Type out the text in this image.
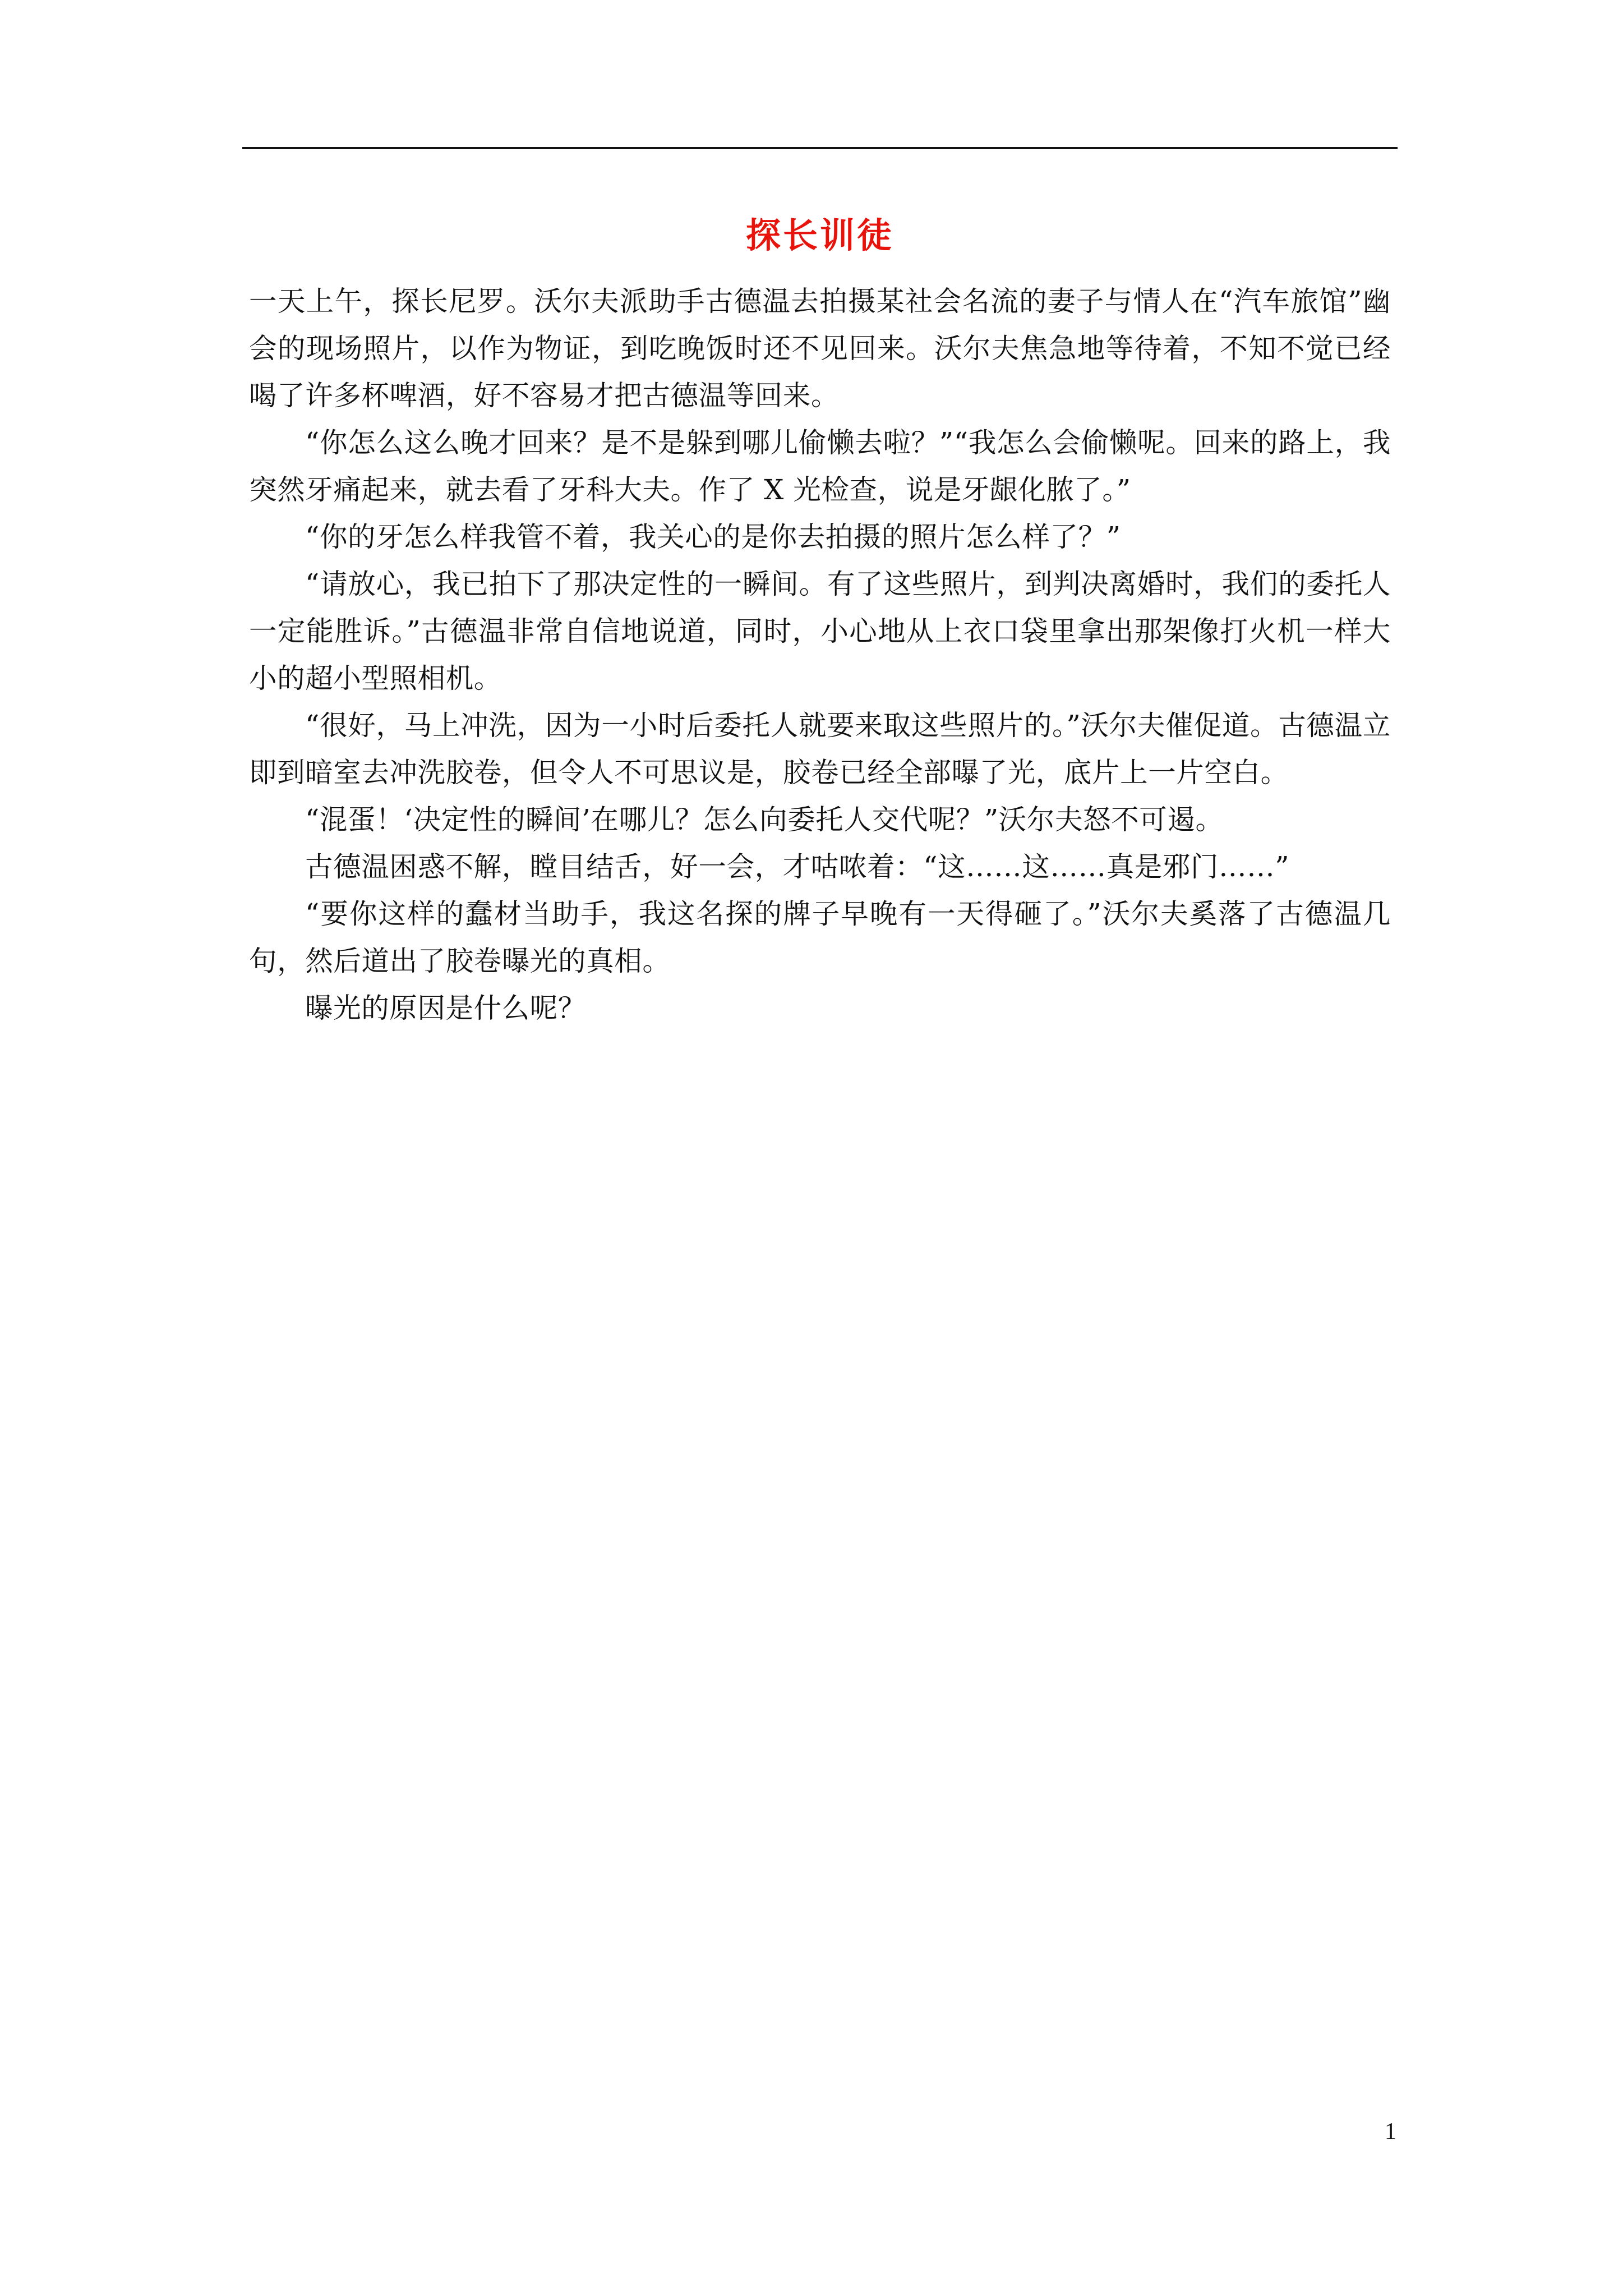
探长训徒

一天上午，探长尼罗。沃尔夫派助手古德温去拍摄某社会名流的妻子与情人在“汽车旅馆”幽会的现场照片，以作为物证，到吃晚饭时还不见回来。沃尔夫焦急地等待着，不知不觉已经喝了许多杯啤酒，好不容易才把古德温等回来。

“你怎么这么晚才回来？是不是躲到哪儿偷懒去啦？”“我怎么会偷懒呢。回来的路上，我突然牙痛起来，就去看了牙科大夫。作了 X 光检查，说是牙龈化脓了。”

“你的牙怎么样我管不着，我关心的是你去拍摄的照片怎么样了？”

“请放心，我已拍下了那决定性的一瞬间。有了这些照片，到判决离婚时，我们的委托人一定能胜诉。”古德温非常自信地说道，同时，小心地从上衣口袋里拿出那架像打火机一样大小的超小型照相机。

“很好，马上冲洗，因为一小时后委托人就要来取这些照片的。”沃尔夫催促道。古德温立即到暗室去冲洗胶卷，但令人不可思议是，胶卷已经全部曝了光，底片上一片空白。

“混蛋！‘决定性的瞬间’在哪儿？怎么向委托人交代呢？”沃尔夫怒不可遏。

古德温困惑不解，瞠目结舌，好一会，才咕哝着：“这……这……真是邪门……”

“要你这样的蠢材当助手，我这名探的牌子早晚有一天得砸了。”沃尔夫奚落了古德温几句，然后道出了胶卷曝光的真相。

曝光的原因是什么呢？

1
